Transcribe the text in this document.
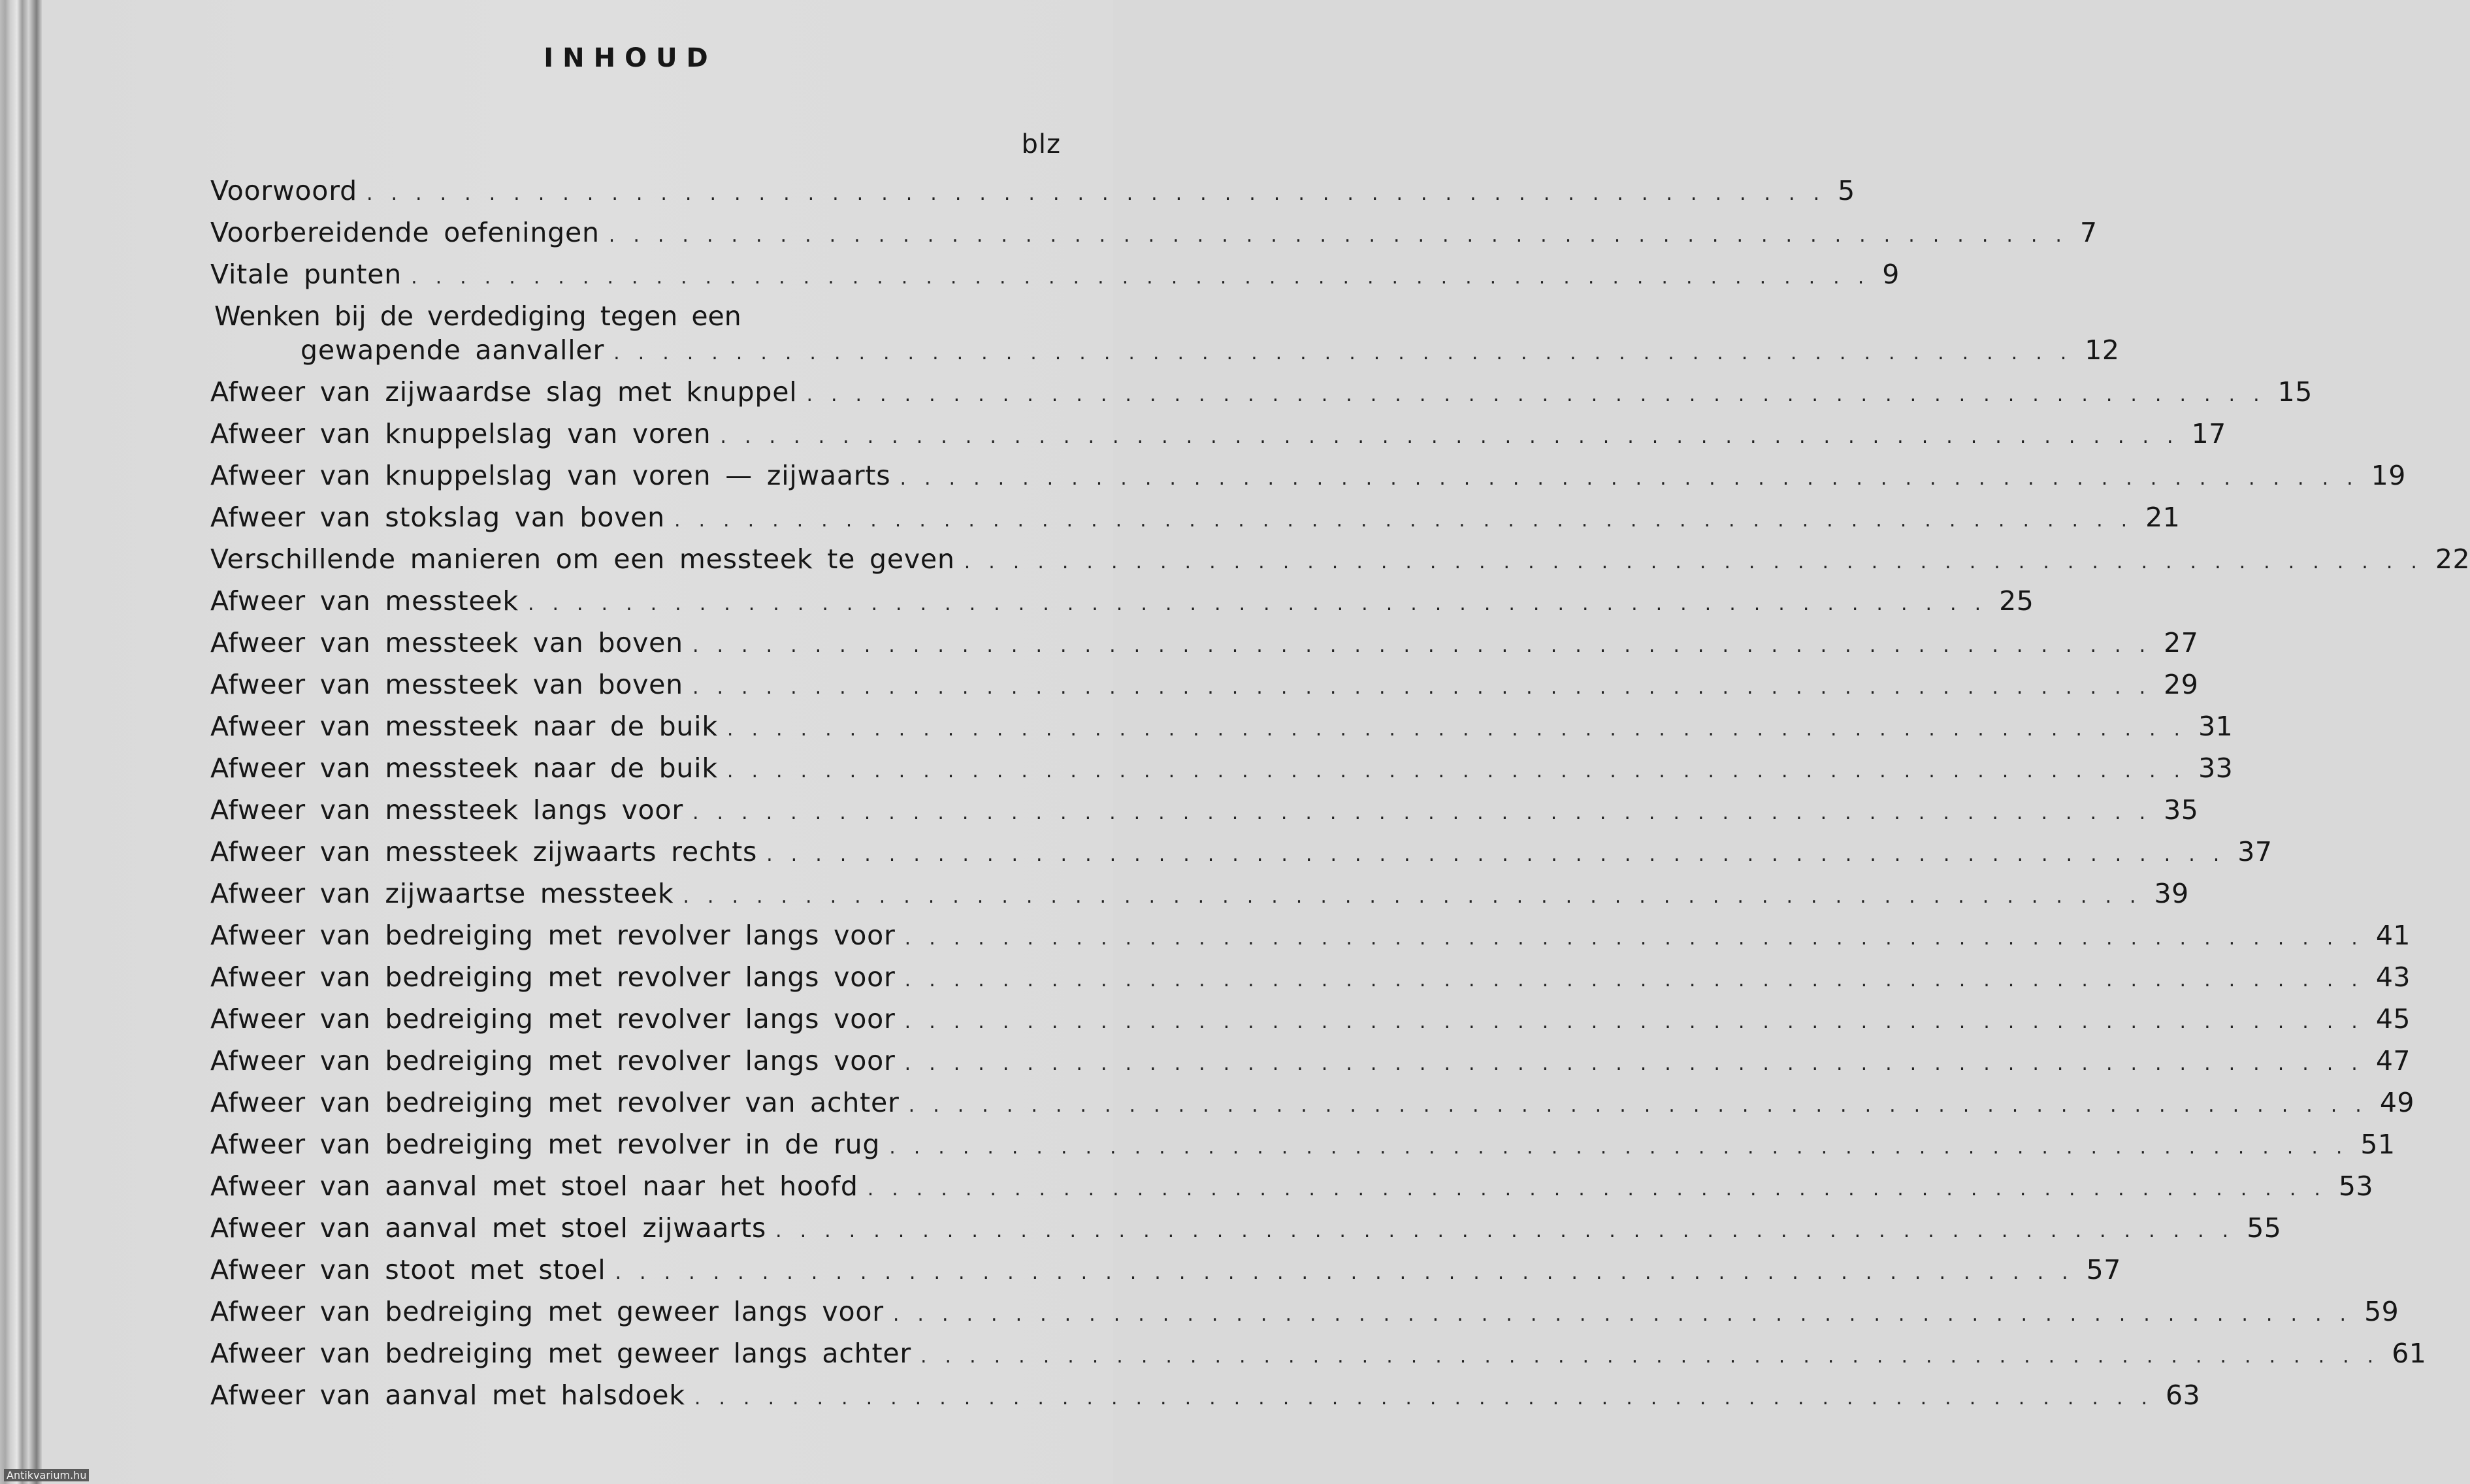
INHOUD
blz
Voorwoord ............................................................ 5
Voorbereidende oefeningen ............................................................ 7
Vitale punten ............................................................ 9
Wenken bij de verdediging tegen een
gewapende aanvaller ............................................................ 12
Afweer van zijwaardse slag met knuppel ............................................................ 15
Afweer van knuppelslag van voren ............................................................ 17
Afweer van knuppelslag van voren — zijwaarts ............................................................ 19
Afweer van stokslag van boven ............................................................ 21
Verschillende manieren om een messteek te geven ............................................................ 22
Afweer van messteek ............................................................ 25
Afweer van messteek van boven ............................................................ 27
Afweer van messteek van boven ............................................................ 29
Afweer van messteek naar de buik ............................................................ 31
Afweer van messteek naar de buik ............................................................ 33
Afweer van messteek langs voor ............................................................ 35
Afweer van messteek zijwaarts rechts ............................................................ 37
Afweer van zijwaartse messteek ............................................................ 39
Afweer van bedreiging met revolver langs voor ............................................................ 41
Afweer van bedreiging met revolver langs voor ............................................................ 43
Afweer van bedreiging met revolver langs voor ............................................................ 45
Afweer van bedreiging met revolver langs voor ............................................................ 47
Afweer van bedreiging met revolver van achter ............................................................ 49
Afweer van bedreiging met revolver in de rug ............................................................ 51
Afweer van aanval met stoel naar het hoofd ............................................................ 53
Afweer van aanval met stoel zijwaarts ............................................................ 55
Afweer van stoot met stoel ............................................................ 57
Afweer van bedreiging met geweer langs voor ............................................................ 59
Afweer van bedreiging met geweer langs achter ............................................................ 61
Afweer van aanval met halsdoek ............................................................ 63
Antikvarium.hu
